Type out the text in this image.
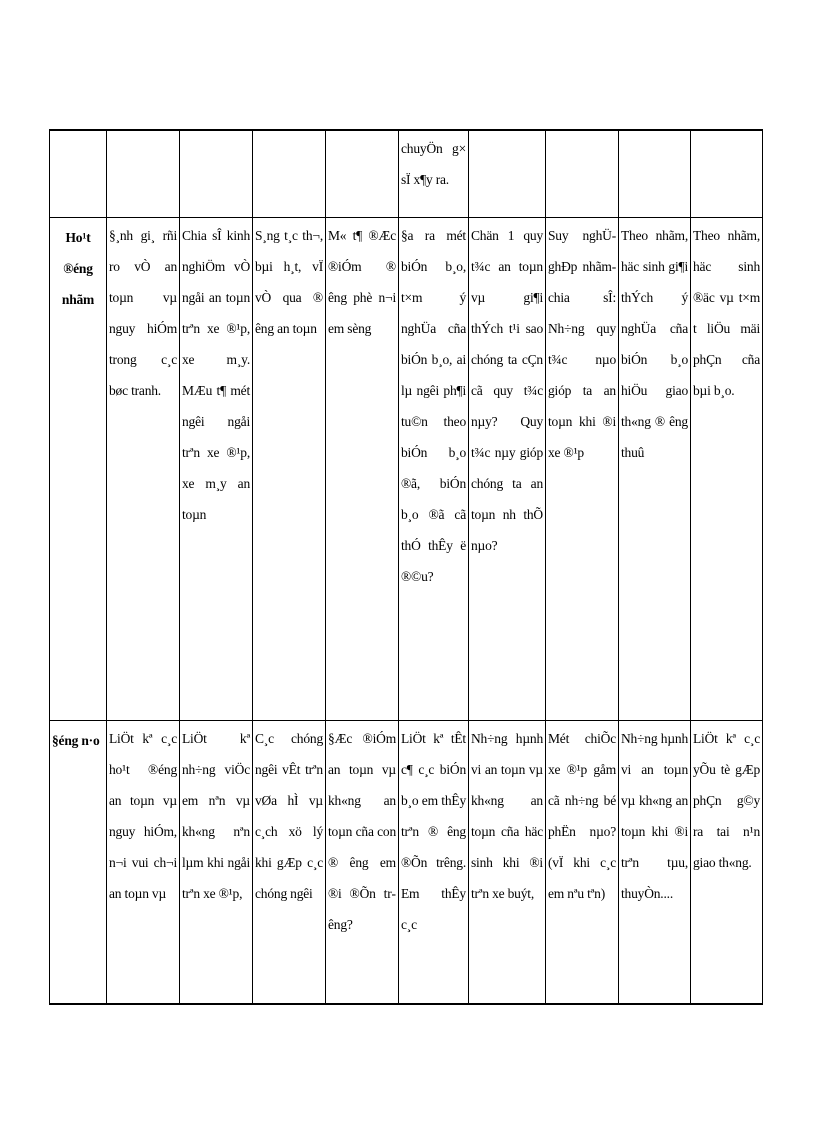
					chuyÖn g× sÏ x¶y ra.				
Ho¹t ®éng nhãm	§¸nh gi¸ rñi ro vÒ an toµn vµ nguy hiÓm trong c¸c bøc tranh.	Chia sÎ kinh nghiÖm vÒ ngåi an toµn trªn xe ®¹p, xe m¸y. MÆu t¶ mét ngêi ngåi trªn xe ®¹p, xe m¸y an toµn	S¸ng t¸c th¬, bµi h¸t, vÏ vÒ qua ® êng an toµn	M« t¶ ®Æc ®iÓm ® êng phè n¬i em sèng	§a ra mét biÓn b¸o, t×m ý nghÜa cña biÓn b¸o, ai lµ ngêi ph¶i tu©n theo biÓn b¸o ®ã, biÓn b¸o ®ã cã thÓ thÊy ë ®©u?	Chän 1 quy t¾c an toµn vµ gi¶i thÝch t¹i sao chóng ta cÇn cã quy t¾c nµy? Quy t¾c nµy gióp chóng ta an toµn nh thÕ nµo?	Suy nghÜ- ghÐp nhãm- chia sÎ: Nh÷ng quy t¾c nµo gióp ta an toµn khi ®i xe ®¹p	Theo nhãm, häc sinh gi¶i thÝch ý nghÜa cña biÓn b¸o hiÖu giao th«ng ® êng thuû	Theo nhãm, häc sinh ®äc vµ t×m t liÖu mäi phÇn cña bµi b¸o.
§éng n·o	LiÖt kª c¸c ho¹t ®éng an toµn vµ nguy hiÓm, n¬i vui ch¬i an toµn vµ	LiÖt kª nh÷ng viÖc em nªn vµ kh«ng nªn lµm khi ngåi trªn xe ®¹p,	C¸c chóng ngêi vÊt trªn vØa hÌ vµ c¸ch xö lý khi gÆp c¸c chóng ngêi	§Æc ®iÓm an toµn vµ kh«ng an toµn cña con ® êng em ®i ®Õn trêng?	LiÖt kª tÊt c¶ c¸c biÓn b¸o em thÊy trªn ® êng ®Õn trêng. Em thÊy c¸c	Nh÷ng hµnh vi an toµn vµ kh«ng an toµn cña häc sinh khi ®i trªn xe buýt,	Mét chiÕc xe ®¹p gåm cã nh÷ng bé phËn nµo? (vÏ khi c¸c em nªu tªn)	Nh÷ng hµnh vi an toµn vµ kh«ng an toµn khi ®i trªn tµu, thuyÒn....	LiÖt kª c¸c yÕu tè gÆp phÇn g©y ra tai n¹n giao th«ng.
